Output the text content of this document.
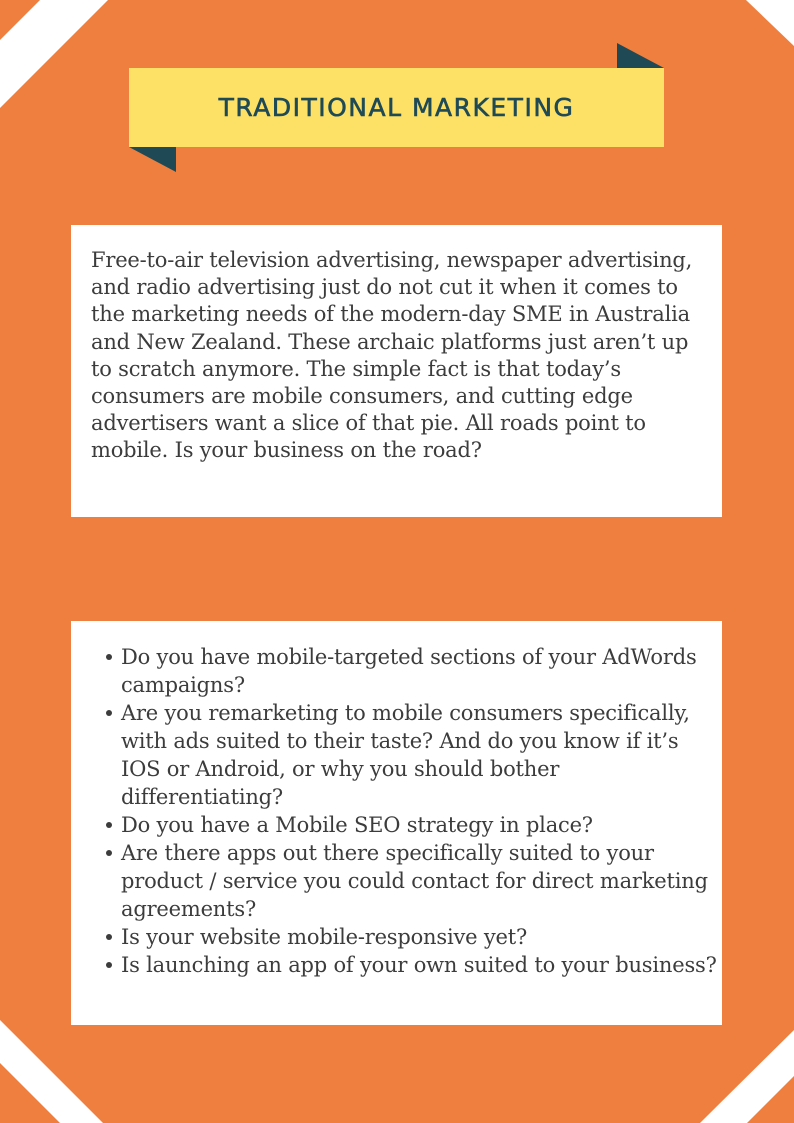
TRADITIONAL MARKETING

Free-to-air television advertising, newspaper advertising, and radio advertising just do not cut it when it comes to the marketing needs of the modern-day SME in Australia and New Zealand. These archaic platforms just aren’t up to scratch anymore. The simple fact is that today’s consumers are mobile consumers, and cutting edge advertisers want a slice of that pie. All roads point to mobile. Is your business on the road?

Do you have mobile-targeted sections of your AdWords campaigns?
Are you remarketing to mobile consumers specifically, with ads suited to their taste? And do you know if it’s IOS or Android, or why you should bother differentiating?
Do you have a Mobile SEO strategy in place?
Are there apps out there specifically suited to your product / service you could contact for direct marketing agreements?
Is your website mobile-responsive yet?
Is launching an app of your own suited to your business?
